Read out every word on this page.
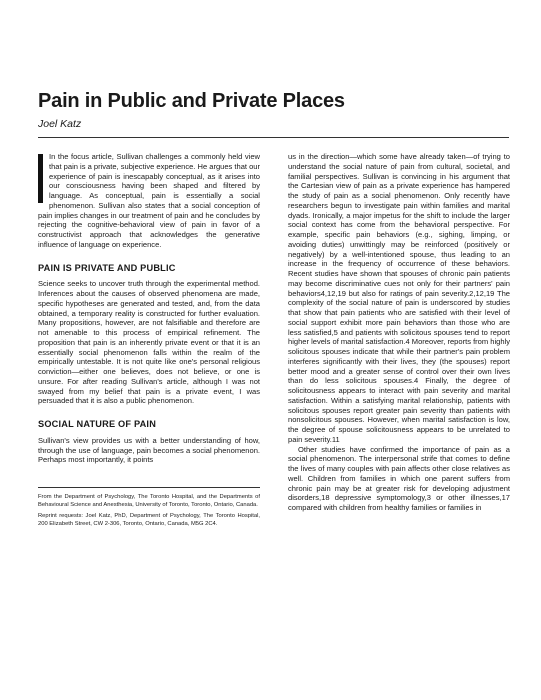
Pain in Public and Private Places

Joel Katz

In the focus article, Sullivan challenges a commonly held view that pain is a private, subjective experience. He argues that our experience of pain is inescapably conceptual, as it arises into our consciousness having been shaped and filtered by language. As conceptual, pain is essentially a social phenomenon. Sullivan also states that a social conception of pain implies changes in our treatment of pain and he concludes by rejecting the cognitive-behavioral view of pain in favor of a constructivist approach that acknowledges the generative influence of language on experience.

PAIN IS PRIVATE AND PUBLIC

Science seeks to uncover truth through the experimental method. Inferences about the causes of observed phenomena are made, specific hypotheses are generated and tested, and, from the data obtained, a temporary reality is constructed for further evaluation. Many propositions, however, are not falsifiable and therefore are not amenable to this process of empirical refinement. The proposition that pain is an inherently private event or that it is an essentially social phenomenon falls within the realm of the empirically untestable. It is not quite like one's personal religious conviction—either one believes, does not believe, or one is unsure. For after reading Sullivan's article, although I was not swayed from my belief that pain is a private event, I was persuaded that it is also a public phenomenon.

SOCIAL NATURE OF PAIN

Sullivan's view provides us with a better understanding of how, through the use of language, pain becomes a social phenomenon. Perhaps most importantly, it points

From the Department of Psychology, The Toronto Hospital, and the Departments of Behavioural Science and Anesthesia, University of Toronto, Toronto, Ontario, Canada.

Reprint requests: Joel Katz, PhD, Department of Psychology, The Toronto Hospital, 200 Elizabeth Street, CW 2-306, Toronto, Ontario, Canada, M5G 2C4.

us in the direction—which some have already taken—of trying to understand the social nature of pain from cultural, societal, and familial perspectives. Sullivan is convincing in his argument that the Cartesian view of pain as a private experience has hampered the study of pain as a social phenomenon. Only recently have researchers begun to investigate pain within families and marital dyads. Ironically, a major impetus for the shift to include the larger social context has come from the behavioral perspective. For example, specific pain behaviors (e.g., sighing, limping, or avoiding duties) unwittingly may be reinforced (positively or negatively) by a well-intentioned spouse, thus leading to an increase in the frequency of occurrence of these behaviors. Recent studies have shown that spouses of chronic pain patients may become discriminative cues not only for their partners' pain behaviors4,12,19 but also for ratings of pain severity.2,12,19 The complexity of the social nature of pain is underscored by studies that show that pain patients who are satisfied with their level of social support exhibit more pain behaviors than those who are less satisfied,5 and patients with solicitous spouses tend to report higher levels of marital satisfaction.4 Moreover, reports from highly solicitous spouses indicate that while their partner's pain problem interferes significantly with their lives, they (the spouses) report better mood and a greater sense of control over their own lives than do less solicitous spouses.4 Finally, the degree of solicitousness appears to interact with pain severity and marital satisfaction. Within a satisfying marital relationship, patients with solicitous spouses report greater pain severity than patients with nonsolicitous spouses. However, when marital satisfaction is low, the degree of spouse solicitousness appears to be unrelated to pain severity.11

Other studies have confirmed the importance of pain as a social phenomenon. The interpersonal strife that comes to define the lives of many couples with pain affects other close relatives as well. Children from families in which one parent suffers from chronic pain may be at greater risk for developing adjustment disorders,18 depressive symptomology,3 or other illnesses,17 compared with children from healthy families or families in
